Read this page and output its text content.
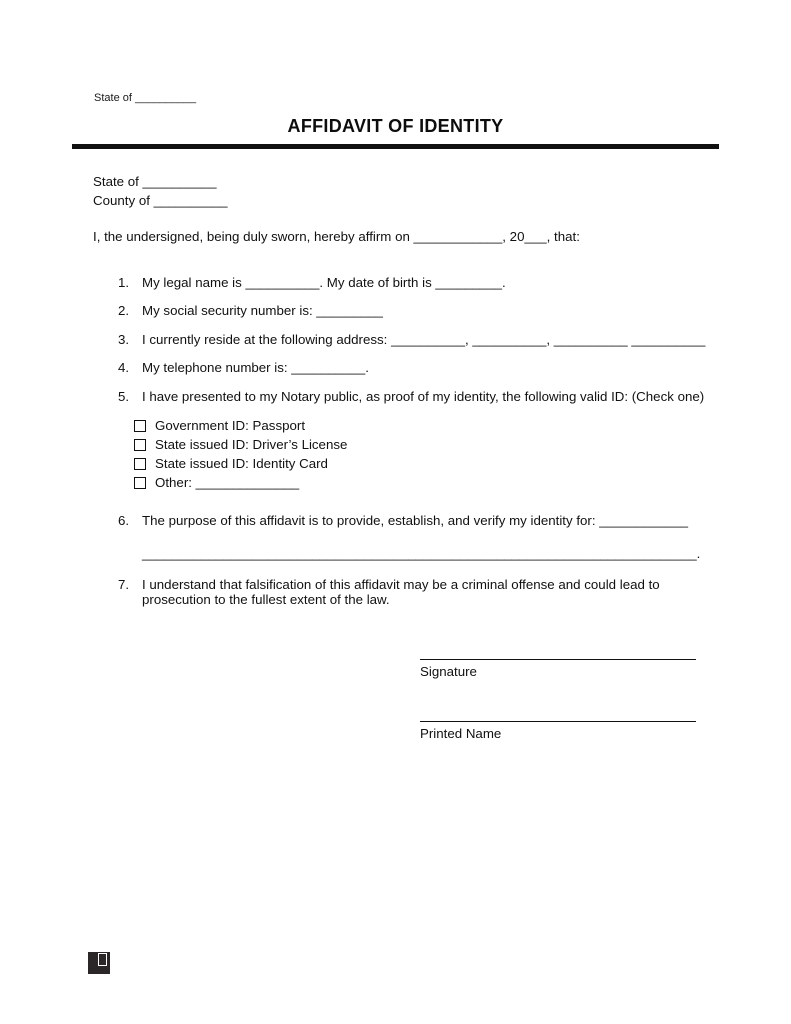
State of __________
AFFIDAVIT OF IDENTITY
State of __________
County of __________
I, the undersigned, being duly sworn, hereby affirm on ____________, 20___, that:
1. My legal name is __________. My date of birth is _________.
2. My social security number is: _________
3. I currently reside at the following address: __________, __________, __________ __________
4. My telephone number is: __________.
5. I have presented to my Notary public, as proof of my identity, the following valid ID: (Check one)
Government ID: Passport
State issued ID: Driver’s License
State issued ID: Identity Card
Other: ______________
6. The purpose of this affidavit is to provide, establish, and verify my identity for: ____________
___________________________________________________________________________.
7. I understand that falsification of this affidavit may be a criminal offense and could lead to prosecution to the fullest extent of the law.
Signature
Printed Name
